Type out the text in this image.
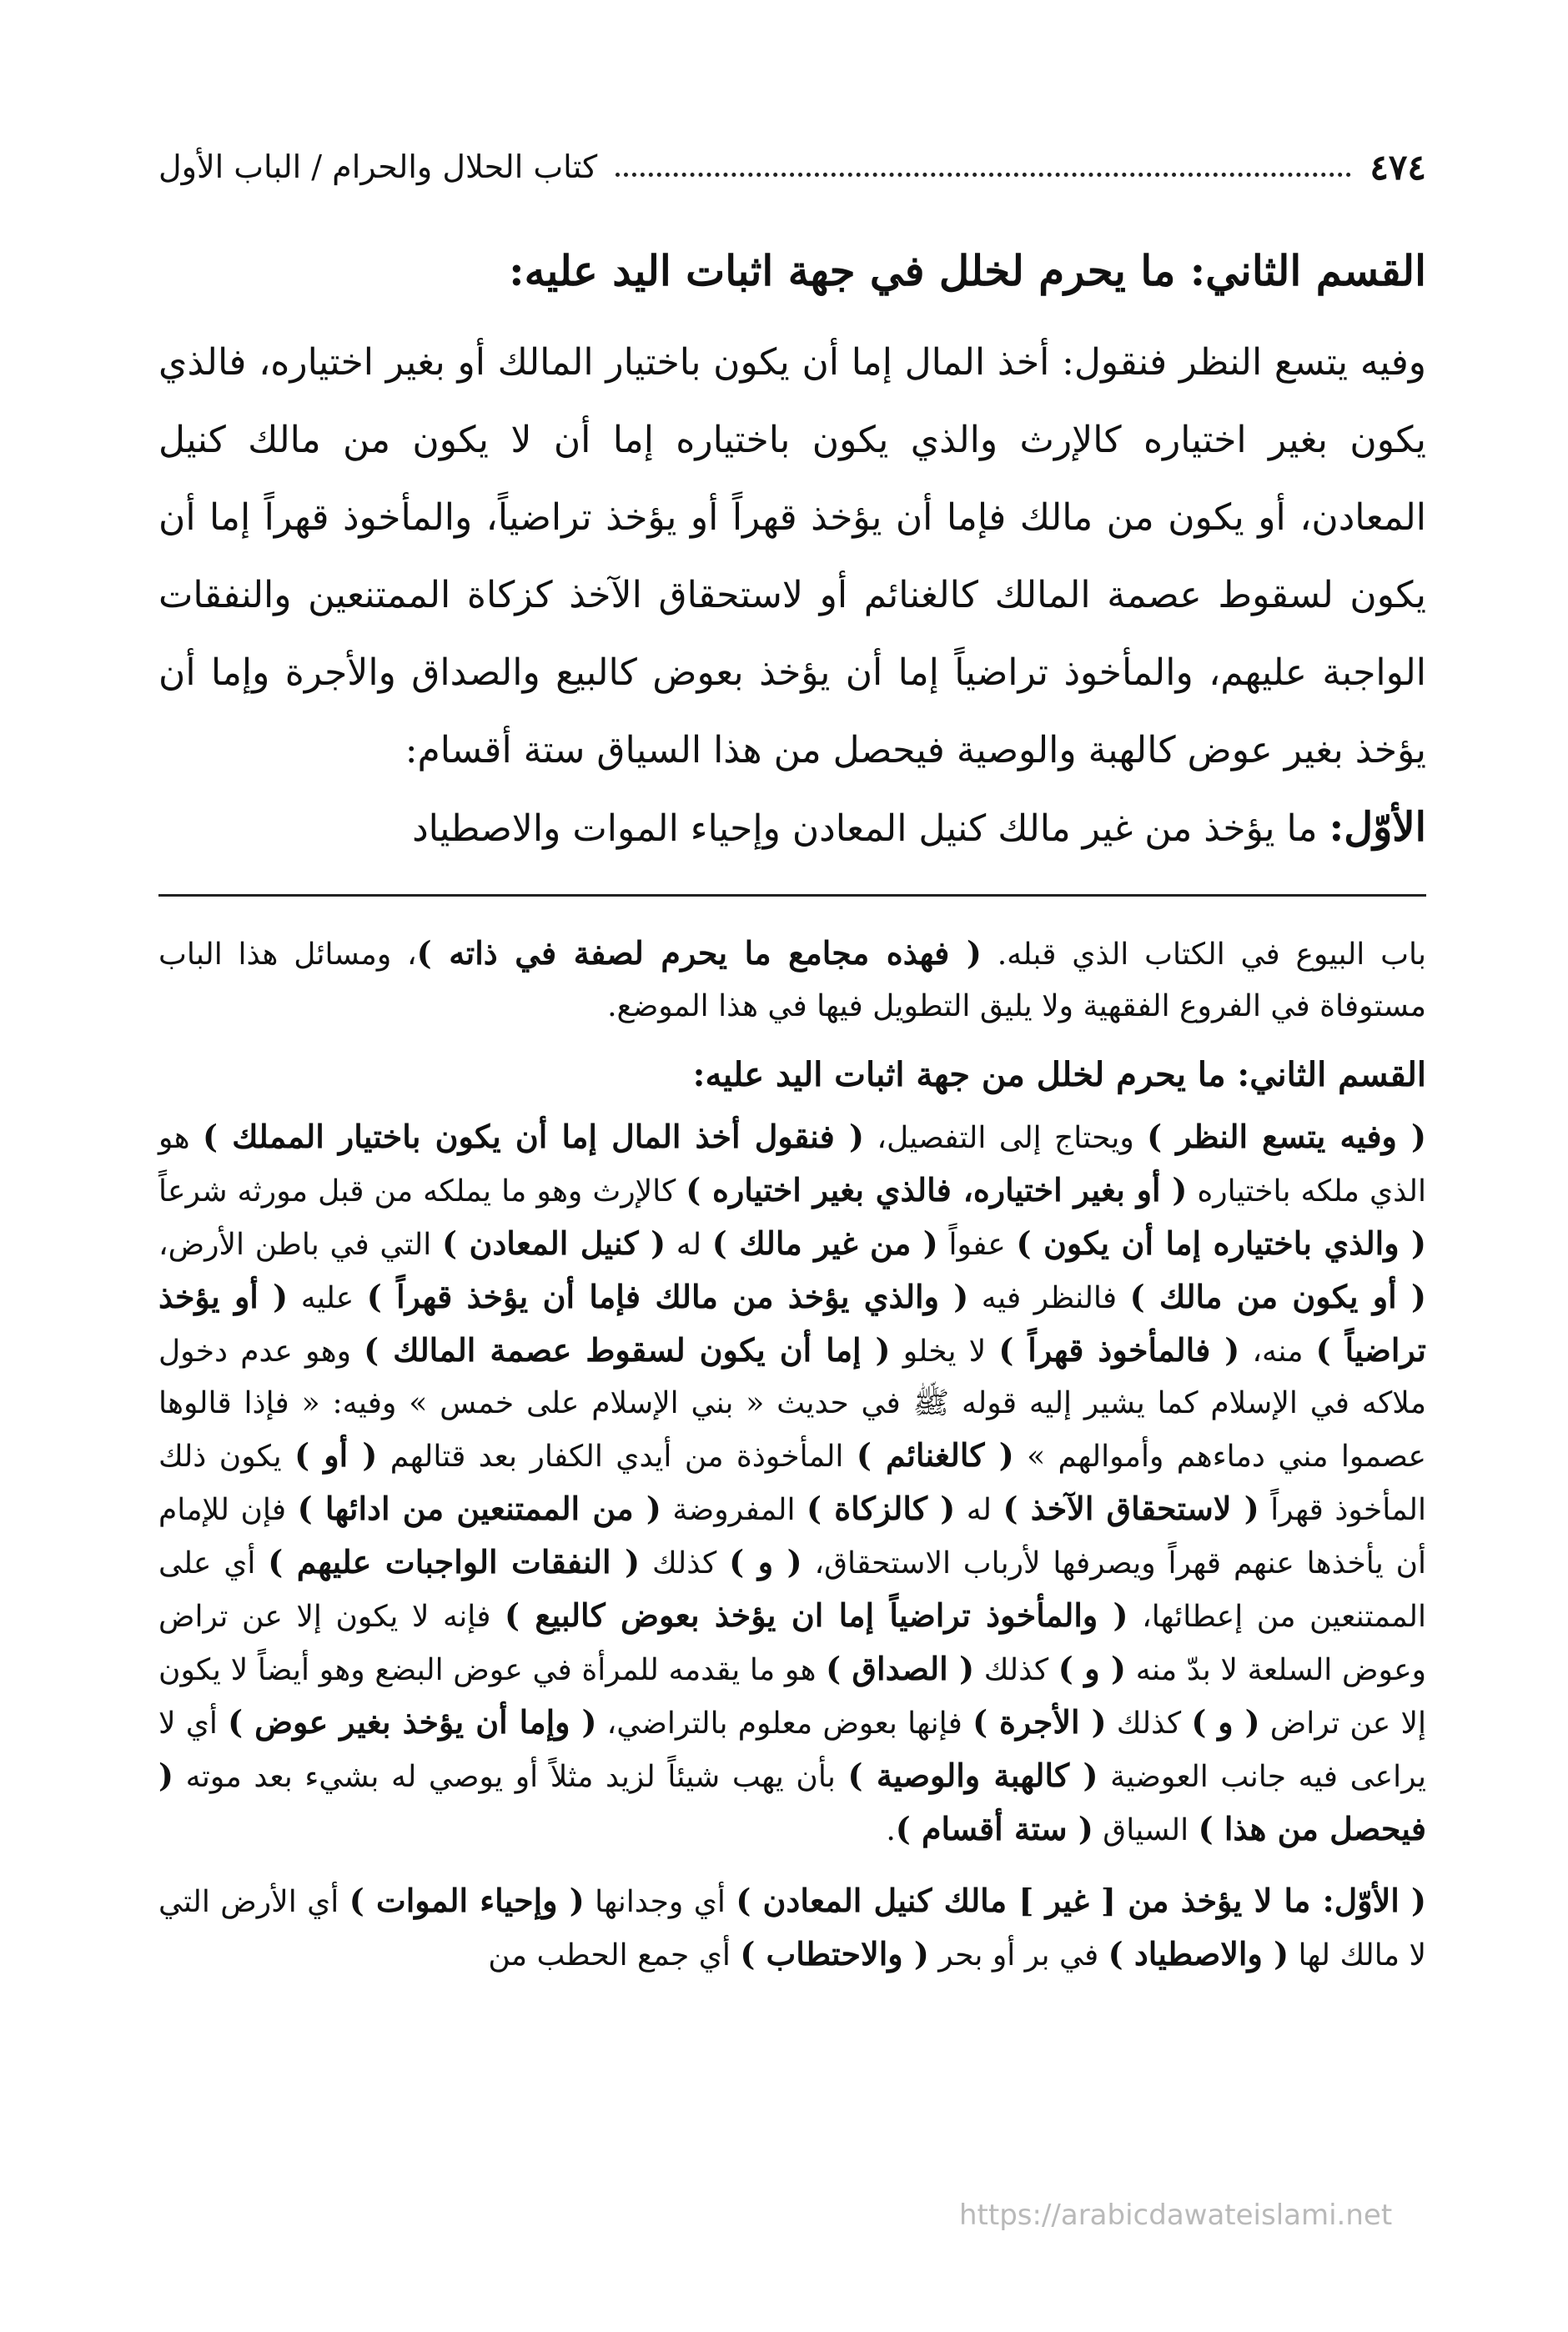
٤٧٤
كتاب الحلال والحرام / الباب الأول
القسم الثاني: ما يحرم لخلل في جهة اثبات اليد عليه:

وفيه يتسع النظر فنقول: أخذ المال إما أن يكون باختيار المالك أو بغير اختياره، فالذي يكون بغير اختياره كالإرث والذي يكون باختياره إما أن لا يكون من مالك كنيل المعادن، أو يكون من مالك فإما أن يؤخذ قهراً أو يؤخذ تراضياً، والمأخوذ قهراً إما أن يكون لسقوط عصمة المالك كالغنائم أو لاستحقاق الآخذ كزكاة الممتنعين والنفقات الواجبة عليهم، والمأخوذ تراضياً إما أن يؤخذ بعوض كالبيع والصداق والأجرة وإما أن يؤخذ بغير عوض كالهبة والوصية فيحصل من هذا السياق ستة أقسام:

الأوّل: ما يؤخذ من غير مالك كنيل المعادن وإحياء الموات والاصطياد

باب البيوع في الكتاب الذي قبله. ( فهذه مجامع ما يحرم لصفة في ذاته )، ومسائل هذا الباب مستوفاة في الفروع الفقهية ولا يليق التطويل فيها في هذا الموضع.

القسم الثاني: ما يحرم لخلل من جهة اثبات اليد عليه:

( وفيه يتسع النظر ) ويحتاج إلى التفصيل، ( فنقول أخذ المال إما أن يكون باختيار المملك ) هو الذي ملكه باختياره ( أو بغير اختياره، فالذي بغير اختياره ) كالإرث وهو ما يملكه من قبل مورثه شرعاً ( والذي باختياره إما أن يكون ) عفواً ( من غير مالك ) له ( كنيل المعادن ) التي في باطن الأرض، ( أو يكون من مالك ) فالنظر فيه ( والذي يؤخذ من مالك فإما أن يؤخذ قهراً ) عليه ( أو يؤخذ تراضياً ) منه، ( فالمأخوذ قهراً ) لا يخلو ( إما أن يكون لسقوط عصمة المالك ) وهو عدم دخول ملاكه في الإسلام كما يشير إليه قوله ﷺ في حديث « بني الإسلام على خمس » وفيه: « فإذا قالوها عصموا مني دماءهم وأموالهم » ( كالغنائم ) المأخوذة من أيدي الكفار بعد قتالهم ( أو ) يكون ذلك المأخوذ قهراً ( لاستحقاق الآخذ ) له ( كالزكاة ) المفروضة ( من الممتنعين من ادائها ) فإن للإمام أن يأخذها عنهم قهراً ويصرفها لأرباب الاستحقاق، ( و ) كذلك ( النفقات الواجبات عليهم ) أي على الممتنعين من إعطائها، ( والمأخوذ تراضياً إما ان يؤخذ بعوض كالبيع ) فإنه لا يكون إلا عن تراض وعوض السلعة لا بدّ منه ( و ) كذلك ( الصداق ) هو ما يقدمه للمرأة في عوض البضع وهو أيضاً لا يكون إلا عن تراض ( و ) كذلك ( الأجرة ) فإنها بعوض معلوم بالتراضي، ( وإما أن يؤخذ بغير عوض ) أي لا يراعى فيه جانب العوضية ( كالهبة والوصية ) بأن يهب شيئاً لزيد مثلاً أو يوصي له بشيء بعد موته ( فيحصل من هذا ) السياق ( ستة أقسام ).

( الأوّل: ما لا يؤخذ من [ غير ] مالك كنيل المعادن ) أي وجدانها ( وإحياء الموات ) أي الأرض التي لا مالك لها ( والاصطياد ) في بر أو بحر ( والاحتطاب ) أي جمع الحطب من

https://arabicdawateislami.net
